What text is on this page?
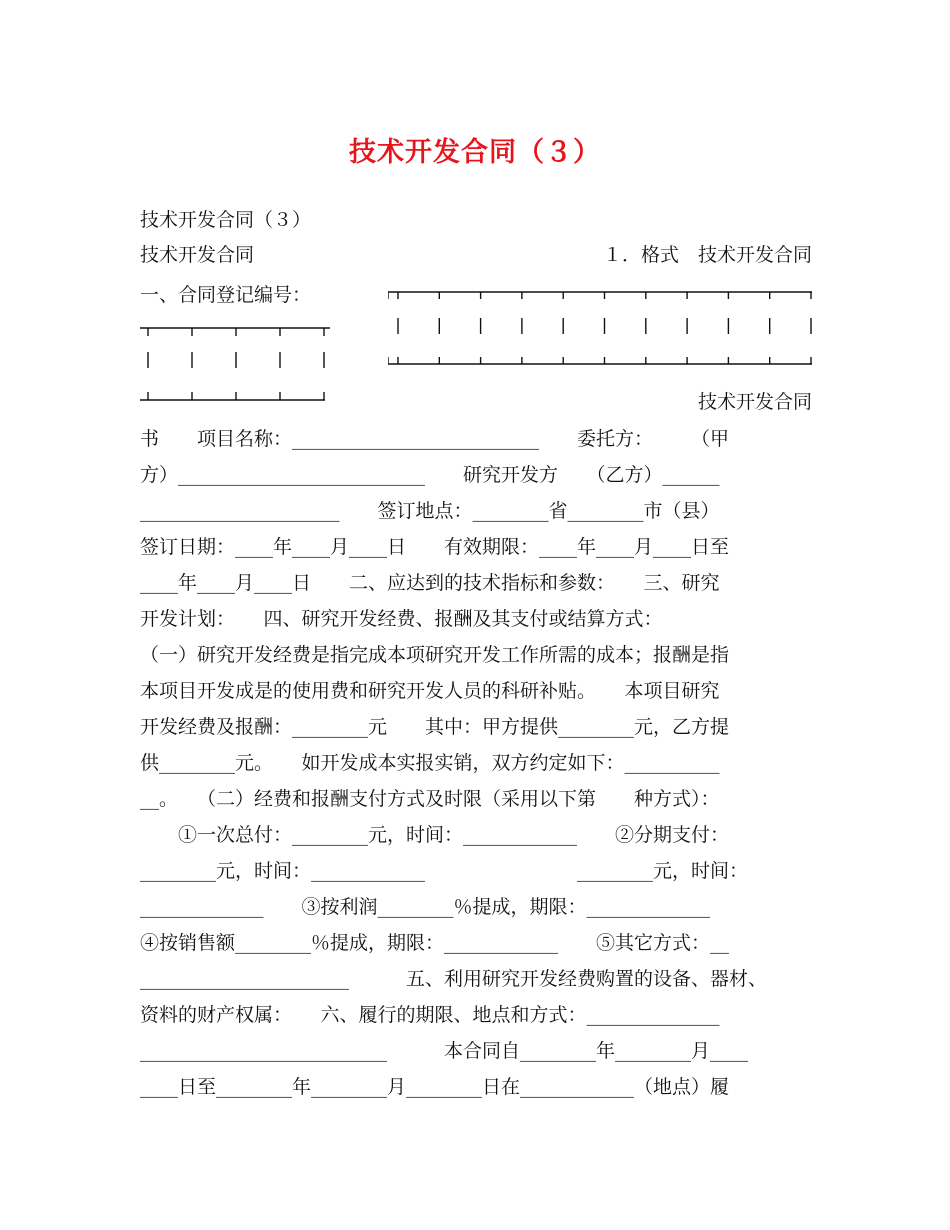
技术开发合同（３）
技术开发合同（３）
技术开发合同	１．格式　技术开发合同
一、合同登记编号：
技术开发合同
书　　项目名称：__________________________　　委托方：　　　（甲
方）__________________________　　研究开发方　　（乙方）______
_____________________　　签订地点：________省________市（县）
签订日期：____年____月____日　　有效期限：____年____月____日至
____年____月____日　　二、应达到的技术指标和参数：　　三、研究
开发计划：　　四、研究开发经费、报酬及其支付或结算方式：
（一）研究开发经费是指完成本项研究开发工作所需的成本；报酬是指
本项目开发成是的使用费和研究开发人员的科研补贴。　　本项目研究
开发经费及报酬：________元　　其中：甲方提供________元，乙方提
供________元。　　如开发成本实报实销，双方约定如下：__________
__。　　（二）经费和报酬支付方式及时限（采用以下第　　种方式）：
　　①一次总付：________元，时间：____________　　②分期支付：
________元，时间：____________　　　　　　　　________元，时间：
_____________　　③按利润________％提成，期限：_____________
④按销售额________％提成，期限：____________　　⑤其它方式：__
______________________　　　五、利用研究开发经费购置的设备、器材、
资料的财产权属：　　六、履行的期限、地点和方式：______________
__________________________　　　本合同自________年________月____
____日至________年________月________日在____________（地点）履
